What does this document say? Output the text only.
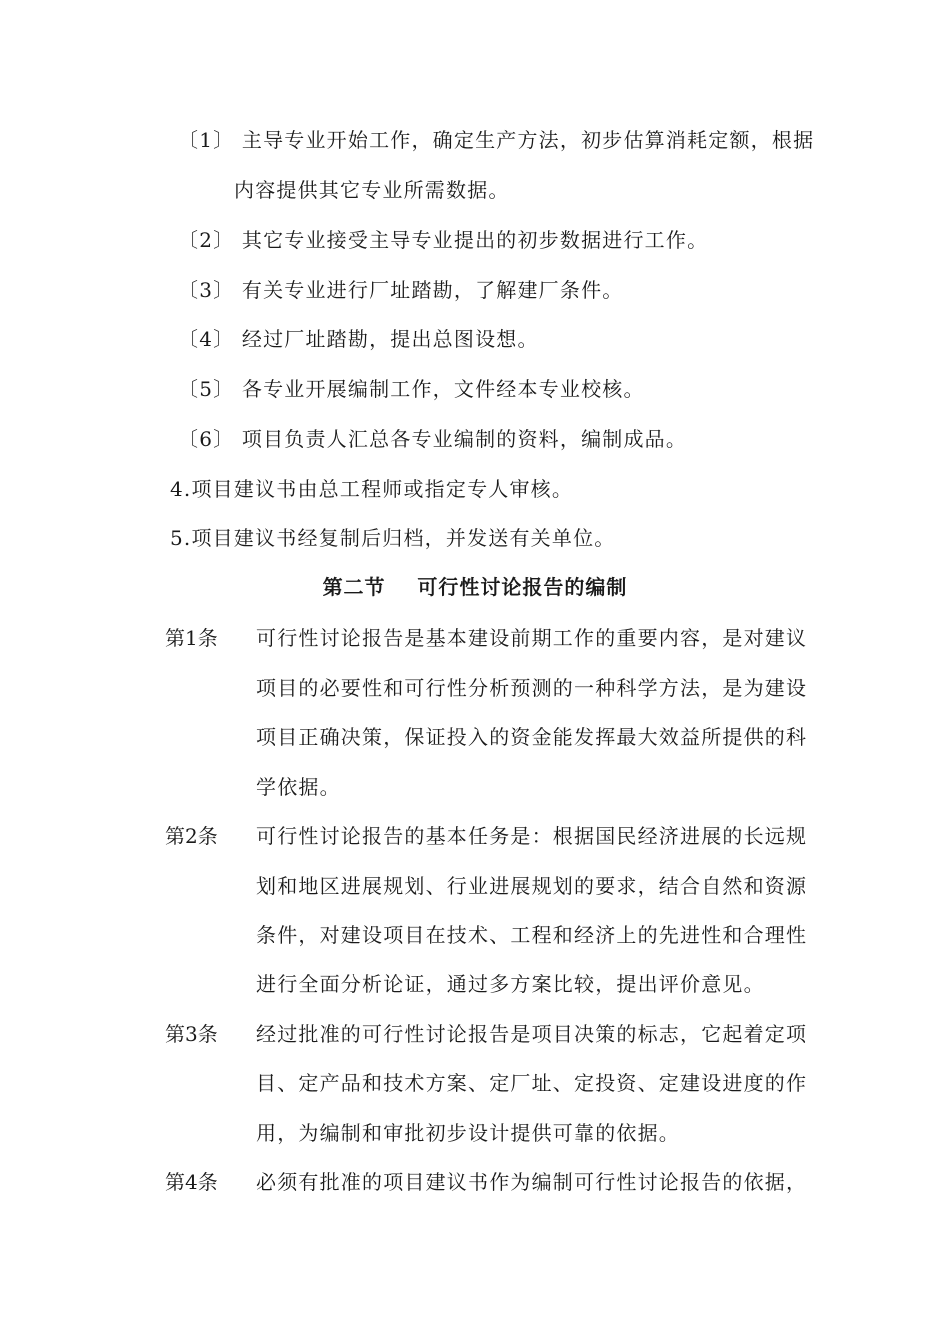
〔1〕 主导专业开始工作，确定生产方法，初步估算消耗定额，根据
内容提供其它专业所需数据。
〔2〕 其它专业接受主导专业提出的初步数据进行工作。
〔3〕 有关专业进行厂址踏勘，了解建厂条件。
〔4〕 经过厂址踏勘，提出总图设想。
〔5〕 各专业开展编制工作，文件经本专业校核。
〔6〕 项目负责人汇总各专业编制的资料，编制成品。
4.项目建议书由总工程师或指定专人审核。
5.项目建议书经复制后归档，并发送有关单位。
第二节    可行性讨论报告的编制
第1条 可行性讨论报告是基本建设前期工作的重要内容，是对建议
项目的必要性和可行性分析预测的一种科学方法，是为建设
项目正确决策，保证投入的资金能发挥最大效益所提供的科
学依据。
第2条 可行性讨论报告的基本任务是：根据国民经济进展的长远规
划和地区进展规划、行业进展规划的要求，结合自然和资源
条件，对建设项目在技术、工程和经济上的先进性和合理性
进行全面分析论证，通过多方案比较，提出评价意见。
第3条 经过批准的可行性讨论报告是项目决策的标志，它起着定项
目、定产品和技术方案、定厂址、定投资、定建设进度的作
用，为编制和审批初步设计提供可靠的依据。
第4条 必须有批准的项目建议书作为编制可行性讨论报告的依据，
